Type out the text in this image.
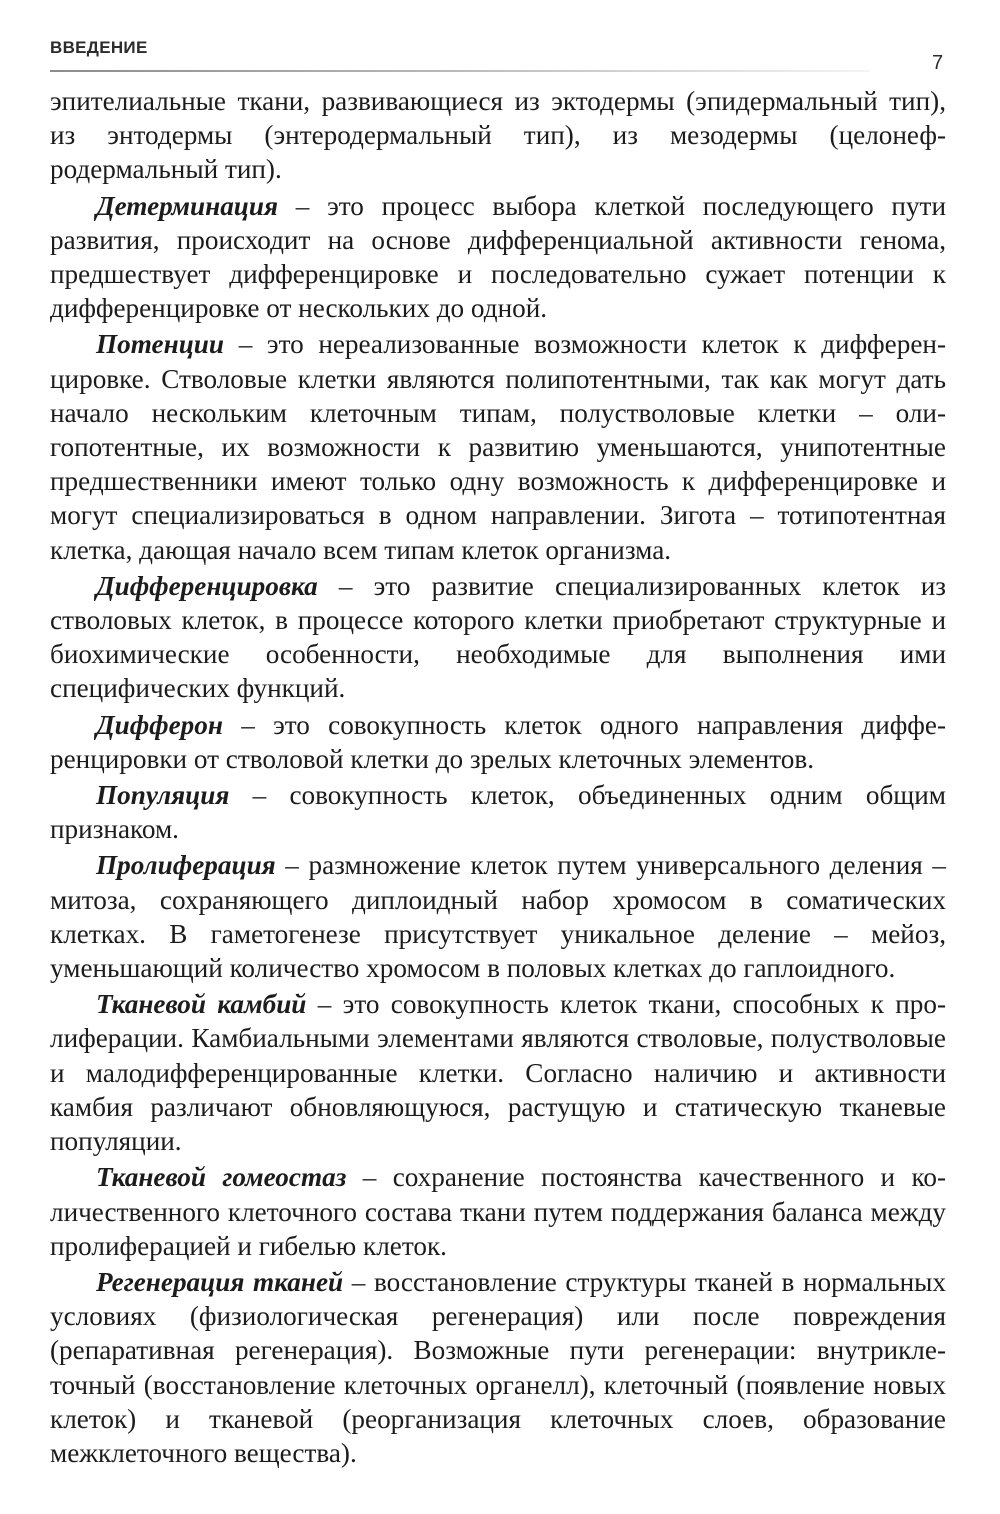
ВВЕДЕНИЕ
7

эпителиальные ткани, развивающиеся из эктодермы (эпидермальный тип), из энтодермы (энтеродермальный тип), из мезодермы (целонефродермальный тип).

Детерминация – это процесс выбора клеткой последующего пути развития, происходит на основе дифференциальной активности генома, предшествует дифференцировке и последовательно сужает потенции к дифференцировке от нескольких до одной.

Потенции – это нереализованные возможности клеток к дифференцировке. Стволовые клетки являются полипотентными, так как могут дать начало нескольким клеточным типам, полустволовые клетки – олигопотентные, их возможности к развитию уменьшаются, унипотентные предшественники имеют только одну возможность к дифференцировке и могут специализироваться в одном направлении. Зигота – тотипотентная клетка, дающая начало всем типам клеток организма.

Дифференцировка – это развитие специализированных клеток из стволовых клеток, в процессе которого клетки приобретают структурные и биохимические особенности, необходимые для выполнения ими специфических функций.

Дифферон – это совокупность клеток одного направления дифференцировки от стволовой клетки до зрелых клеточных элементов.

Популяция – совокупность клеток, объединенных одним общим признаком.

Пролиферация – размножение клеток путем универсального деления – митоза, сохраняющего диплоидный набор хромосом в соматических клетках. В гаметогенезе присутствует уникальное деление – мейоз, уменьшающий количество хромосом в половых клетках до гаплоидного.

Тканевой камбий – это совокупность клеток ткани, способных к пролиферации. Камбиальными элементами являются стволовые, полустволовые и малодифференцированные клетки. Согласно наличию и активности камбия различают обновляющуюся, растущую и статическую тканевые популяции.

Тканевой гомеостаз – сохранение постоянства качественного и количественного клеточного состава ткани путем поддержания баланса между пролиферацией и гибелью клеток.

Регенерация тканей – восстановление структуры тканей в нормальных условиях (физиологическая регенерация) или после повреждения (репаративная регенерация). Возможные пути регенерации: внутриклеточный (восстановление клеточных органелл), клеточный (появление новых клеток) и тканевой (реорганизация клеточных слоев, образование межклеточного вещества).
